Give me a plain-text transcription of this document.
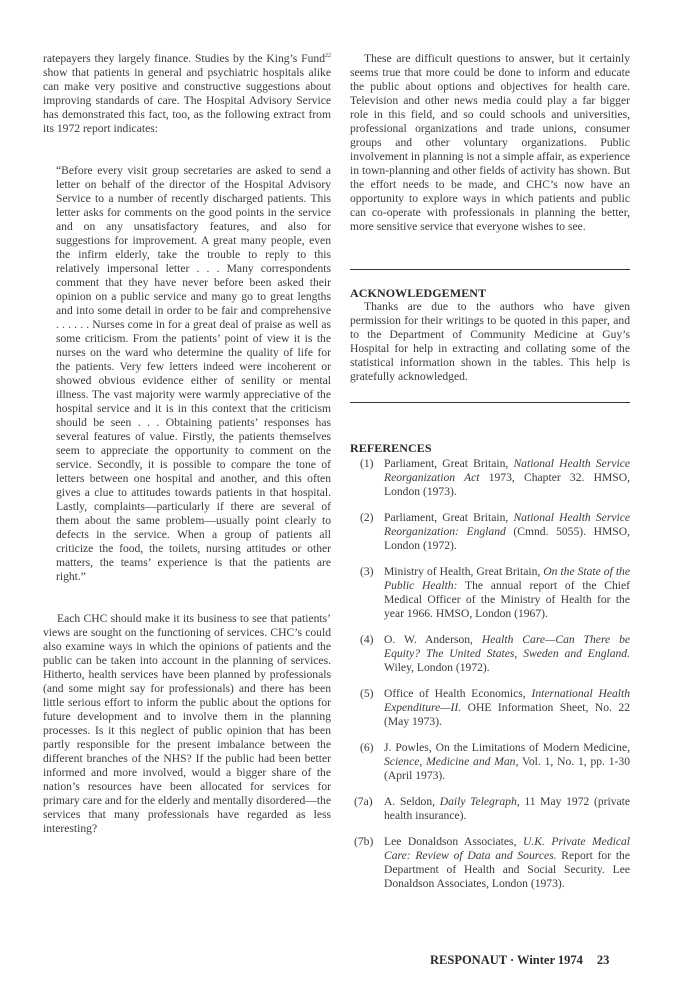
ratepayers they largely finance. Studies by the King’s Fund$^{22}$ show that patients in general and psychiatric hospitals alike can make very positive and constructive suggestions about improving standards of care. The Hospital Advisory Service has demonstrated this fact, too, as the following extract from its 1972 report indicates:

“Before every visit group secretaries are asked to send a letter on behalf of the director of the Hospital Advisory Service to a number of recently discharged patients. This letter asks for comments on the good points in the service and on any unsatisfactory features, and also for suggestions for improvement. A great many people, even the infirm elderly, take the trouble to reply to this relatively impersonal letter . . . Many correspondents comment that they have never before been asked their opinion on a public service and many go to great lengths and into some detail in order to be fair and comprehensive . . . . . . Nurses come in for a great deal of praise as well as some criticism. From the patients’ point of view it is the nurses on the ward who determine the quality of life for the patients. Very few letters indeed were incoherent or showed obvious evidence either of senility or mental illness. The vast majority were warmly appreciative of the hospital service and it is in this context that the criticism should be seen . . . Obtaining patients’ responses has several features of value. Firstly, the patients themselves seem to appreciate the opportunity to comment on the service. Secondly, it is possible to compare the tone of letters between one hospital and another, and this often gives a clue to attitudes towards patients in that hospital. Lastly, complaints—particularly if there are several of them about the same problem—usually point clearly to defects in the service. When a group of patients all criticize the food, the toilets, nursing attitudes or other matters, the teams’ experience is that the patients are right.”

Each CHC should make it its business to see that patients’ views are sought on the functioning of services. CHC’s could also examine ways in which the opinions of patients and the public can be taken into account in the planning of services. Hitherto, health services have been planned by professionals (and some might say for professionals) and there has been little serious effort to inform the public about the options for future development and to involve them in the planning processes. Is it this neglect of public opinion that has been partly responsible for the present imbalance between the different branches of the NHS? If the public had been better informed and more involved, would a bigger share of the nation’s resources have been allocated for services for primary care and for the elderly and mentally disordered—the services that many professionals have regarded as less interesting?

These are difficult questions to answer, but it certainly seems true that more could be done to inform and educate the public about options and objectives for health care. Television and other news media could play a far bigger role in this field, and so could schools and universities, professional organizations and trade unions, consumer groups and other voluntary organizations. Public involvement in planning is not a simple affair, as experience in town-planning and other fields of activity has shown. But the effort needs to be made, and CHC’s now have an opportunity to explore ways in which patients and public can co-operate with professionals in planning the better, more sensitive service that everyone wishes to see.

ACKNOWLEDGEMENT

Thanks are due to the authors who have given permission for their writings to be quoted in this paper, and to the Department of Community Medicine at Guy’s Hospital for help in extracting and collating some of the statistical information shown in the tables. This help is gratefully acknowledged.

REFERENCES
(1) Parliament, Great Britain, National Health Service Reorganization Act 1973, Chapter 32. HMSO, London (1973).
(2) Parliament, Great Britain, National Health Service Reorganization: England (Cmnd. 5055). HMSO, London (1972).
(3) Ministry of Health, Great Britain, On the State of the Public Health: The annual report of the Chief Medical Officer of the Ministry of Health for the year 1966. HMSO, London (1967).
(4) O. W. Anderson, Health Care—Can There be Equity? The United States, Sweden and England. Wiley, London (1972).
(5) Office of Health Economics, International Health Expenditure—II. OHE Information Sheet, No. 22 (May 1973).
(6) J. Powles, On the Limitations of Modern Medicine, Science, Medicine and Man, Vol. 1, No. 1, pp. 1-30 (April 1973).
(7a) A. Seldon, Daily Telegraph, 11 May 1972 (private health insurance).
(7b) Lee Donaldson Associates, U.K. Private Medical Care: Review of Data and Sources. Report for the Department of Health and Social Security. Lee Donaldson Associates, London (1973).
RESPONAUT · Winter 1974 23
